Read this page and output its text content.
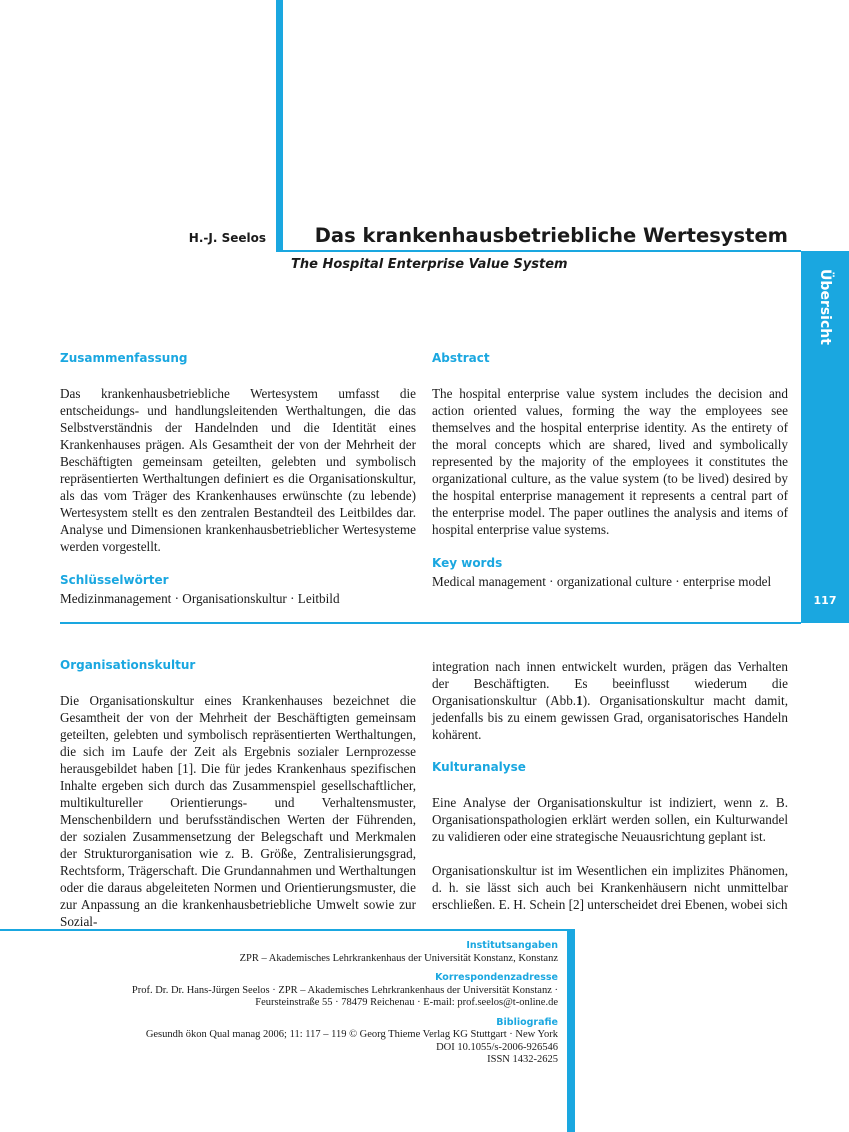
Übersicht
117
H.-J. Seelos Das krankenhausbetriebliche Wertesystem
The Hospital Enterprise Value System
Zusammenfassung

Das krankenhausbetriebliche Wertesystem umfasst die entscheidungs- und handlungsleitenden Werthaltungen, die das Selbstverständnis der Handelnden und die Identität eines Krankenhauses prägen. Als Gesamtheit der von der Mehrheit der Beschäftigten gemeinsam geteilten, gelebten und symbolisch repräsentierten Werthaltungen definiert es die Organisationskultur, als das vom Träger des Krankenhauses erwünschte (zu lebende) Wertesystem stellt es den zentralen Bestandteil des Leitbildes dar. Analyse und Dimensionen krankenhausbetrieblicher Wertesysteme werden vorgestellt.

Schlüsselwörter
Medizinmanagement · Organisationskultur · Leitbild
Abstract

The hospital enterprise value system includes the decision and action oriented values, forming the way the employees see themselves and the hospital enterprise identity. As the entirety of the moral concepts which are shared, lived and symbolically represented by the majority of the employees it constitutes the organizational culture, as the value system (to be lived) desired by the hospital enterprise management it represents a central part of the enterprise model. The paper outlines the analysis and items of hospital enterprise value systems.

Key words
Medical management · organizational culture · enterprise model
Organisationskultur

Die Organisationskultur eines Krankenhauses bezeichnet die Gesamtheit der von der Mehrheit der Beschäftigten gemeinsam geteilten, gelebten und symbolisch repräsentierten Werthaltungen, die sich im Laufe der Zeit als Ergebnis sozialer Lernprozesse herausgebildet haben [1]. Die für jedes Krankenhaus spezifischen Inhalte ergeben sich durch das Zusammenspiel gesellschaftlicher, multikultureller Orientierungs- und Verhaltensmuster, Menschenbildern und berufsständischen Werten der Führenden, der sozialen Zusammensetzung der Belegschaft und Merkmalen der Strukturorganisation wie z. B. Größe, Zentralisierungsgrad, Rechtsform, Trägerschaft. Die Grundannahmen und Werthaltungen oder die daraus abgeleiteten Normen und Orientierungsmuster, die zur Anpassung an die krankenhausbetriebliche Umwelt sowie zur Sozial-

integration nach innen entwickelt wurden, prägen das Verhalten der Beschäftigten. Es beeinflusst wiederum die Organisationskultur (Abb.1). Organisationskultur macht damit, jedenfalls bis zu einem gewissen Grad, organisatorisches Handeln kohärent.

Kulturanalyse

Eine Analyse der Organisationskultur ist indiziert, wenn z. B. Organisationspathologien erklärt werden sollen, ein Kulturwandel zu validieren oder eine strategische Neuausrichtung geplant ist.

Organisationskultur ist im Wesentlichen ein implizites Phänomen, d. h. sie lässt sich auch bei Krankenhäusern nicht unmittelbar erschließen. E. H. Schein [2] unterscheidet drei Ebenen, wobei sich

Institutsangaben
ZPR – Akademisches Lehrkrankenhaus der Universität Konstanz, Konstanz
Korrespondenzadresse
Prof. Dr. Dr. Hans-Jürgen Seelos · ZPR – Akademisches Lehrkrankenhaus der Universität Konstanz ·
Feursteinstraße 55 · 78479 Reichenau · E-mail: prof.seelos@t-online.de
Bibliografie
Gesundh ökon Qual manag 2006; 11: 117 – 119 © Georg Thieme Verlag KG Stuttgart · New York
DOI 10.1055/s-2006-926546
ISSN 1432-2625
